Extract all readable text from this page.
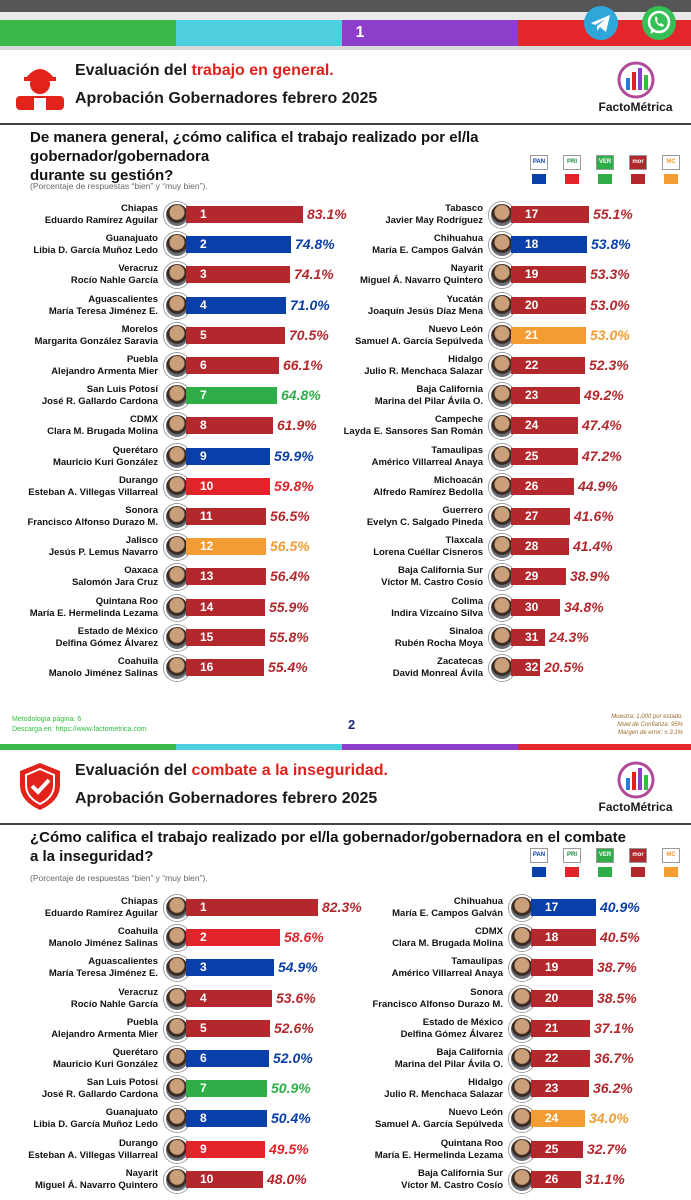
1
Evaluación del trabajo en general.
Aprobación Gobernadores febrero 2025	FactoMétrica
De manera general, ¿cómo califica el trabajo realizado por el/la gobernador/gobernadora
durante su gestión?
(Porcentaje de respuestas “bien” y “muy bien”).
PAN	PRI	VER	mor	MC
Chiapas
Eduardo Ramírez Aguilar	1	83.1%
Guanajuato
Libia D. García Muñoz Ledo	2	74.8%
Veracruz
Rocío Nahle García	3	74.1%
Aguascalientes
María Teresa Jiménez E.	4	71.0%
Morelos
Margarita González Saravia	5	70.5%
Puebla
Alejandro Armenta Mier	6	66.1%
San Luis Potosí
José R. Gallardo Cardona	7	64.8%
CDMX
Clara M. Brugada Molina	8	61.9%
Querétaro
Mauricio Kuri González	9	59.9%
Durango
Esteban A. Villegas Villarreal	10	59.8%
Sonora
Francisco Alfonso Durazo M.	11	56.5%
Jalisco
Jesús P. Lemus Navarro	12	56.5%
Oaxaca
Salomón Jara Cruz	13	56.4%
Quintana Roo
María E. Hermelinda Lezama	14	55.9%
Estado de México
Delfina Gómez Álvarez	15	55.8%
Coahuila
Manolo Jiménez Salinas	16	55.4%
Tabasco
Javier May Rodríguez	17	55.1%
Chihuahua
María E. Campos Galván	18	53.8%
Nayarit
Miguel Á. Navarro Quintero	19	53.3%
Yucatán
Joaquín Jesús Díaz Mena	20	53.0%
Nuevo León
Samuel A. García Sepúlveda	21	53.0%
Hidalgo
Julio R. Menchaca Salazar	22	52.3%
Baja California
Marina del Pilar Ávila O.	23	49.2%
Campeche
Layda E. Sansores San Román	24	47.4%
Tamaulipas
Américo Villarreal Anaya	25	47.2%
Michoacán
Alfredo Ramírez Bedolla	26	44.9%
Guerrero
Evelyn C. Salgado Pineda	27	41.6%
Tlaxcala
Lorena Cuéllar Cisneros	28 41.4%
Baja California Sur
Víctor M. Castro Cosío	29 38.9%
Colima
Indira Vizcaíno Silva	30 34.8%
Sinaloa
Rubén Rocha Moya	31 24.3%
Zacatecas
David Monreal Ávila	32 20.5%
Metodología página: 6
Descarga en: https://www.factometrica.com	2	Muestra: 1,000 por estado.
Nivel de Confianza: 95%
Margen de error: ± 3.1%
Evaluación del combate a la inseguridad.
Aprobación Gobernadores febrero 2025	FactoMétrica
¿Cómo califica el trabajo realizado por el/la gobernador/gobernadora en el combate
a la inseguridad?
(Porcentaje de respuestas “bien” y “muy bien”).
PAN	PRI	VER	mor	MC
Chiapas
Eduardo Ramírez Aguilar	1	82.3%
Coahuila
Manolo Jiménez Salinas	2	58.6%
Aguascalientes
María Teresa Jiménez E.	3	54.9%
Veracruz
Rocío Nahle García	4	53.6%
Puebla
Alejandro Armenta Mier	5	52.6%
Querétaro
Mauricio Kuri González	6	52.0%
San Luis Potosí
José R. Gallardo Cardona	7	50.9%
Guanajuato
Libia D. García Muñoz Ledo	8	50.4%
Durango
Esteban A. Villegas Villarreal	9	49.5%
Nayarit
Miguel Á. Navarro Quintero	10	48.0%
Chihuahua
María E. Campos Galván	17	40.9%
CDMX
Clara M. Brugada Molina	18	40.5%
Tamaulipas
Américo Villarreal Anaya	19	38.7%
Sonora
Francisco Alfonso Durazo M.	20	38.5%
Estado de México
Delfina Gómez Álvarez	21	37.1%
Baja California
Marina del Pilar Ávila O.	22	36.7%
Hidalgo
Julio R. Menchaca Salazar	23 36.2%
Nuevo León
Samuel A. García Sepúlveda	24 34.0%
Quintana Roo
María E. Hermelinda Lezama	25 32.7%
Baja California Sur
Víctor M. Castro Cosío	26 31.1%
